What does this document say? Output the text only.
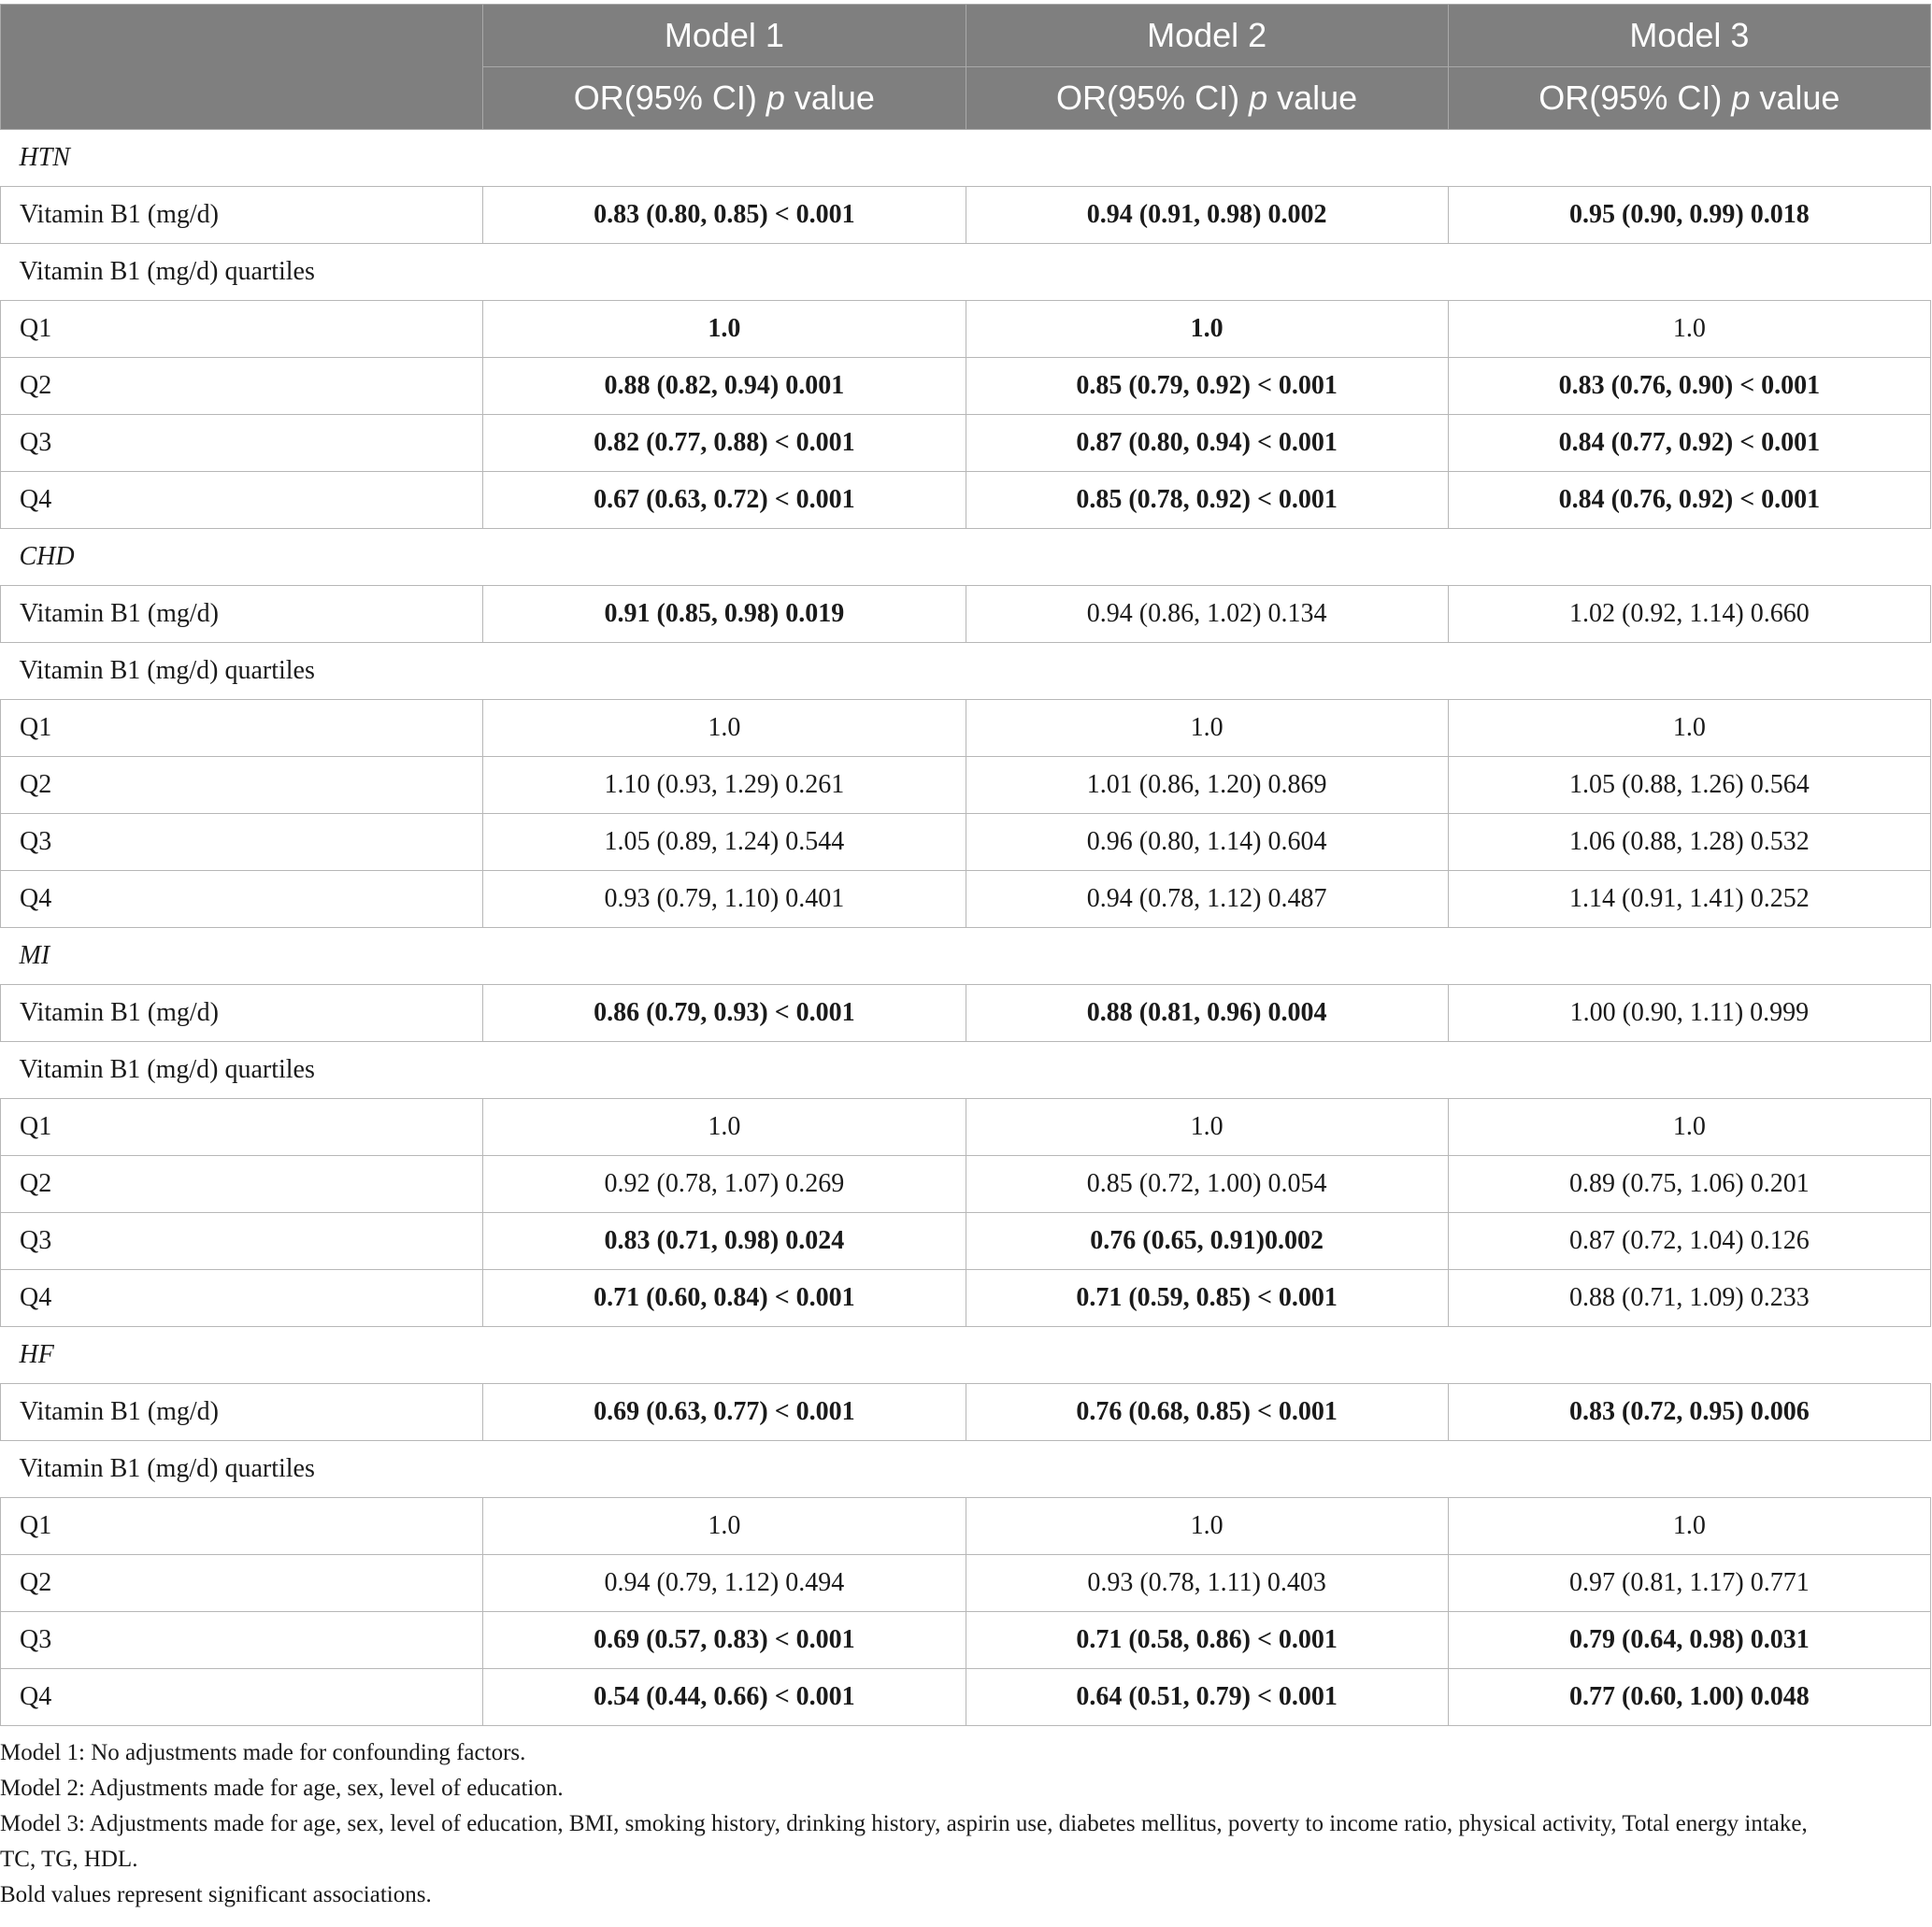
	Model 1	Model 2	Model 3
	OR(95% CI) p value	OR(95% CI) p value	OR(95% CI) p value
HTN			
Vitamin B1 (mg/d)	0.83 (0.80, 0.85) < 0.001	0.94 (0.91, 0.98) 0.002	0.95 (0.90, 0.99) 0.018
Vitamin B1 (mg/d) quartiles			
Q1	1.0	1.0	1.0
Q2	0.88 (0.82, 0.94) 0.001	0.85 (0.79, 0.92) < 0.001	0.83 (0.76, 0.90) < 0.001
Q3	0.82 (0.77, 0.88) < 0.001	0.87 (0.80, 0.94) < 0.001	0.84 (0.77, 0.92) < 0.001
Q4	0.67 (0.63, 0.72) < 0.001	0.85 (0.78, 0.92) < 0.001	0.84 (0.76, 0.92) < 0.001
CHD			
Vitamin B1 (mg/d)	0.91 (0.85, 0.98) 0.019	0.94 (0.86, 1.02) 0.134	1.02 (0.92, 1.14) 0.660
Vitamin B1 (mg/d) quartiles			
Q1	1.0	1.0	1.0
Q2	1.10 (0.93, 1.29) 0.261	1.01 (0.86, 1.20) 0.869	1.05 (0.88, 1.26) 0.564
Q3	1.05 (0.89, 1.24) 0.544	0.96 (0.80, 1.14) 0.604	1.06 (0.88, 1.28) 0.532
Q4	0.93 (0.79, 1.10) 0.401	0.94 (0.78, 1.12) 0.487	1.14 (0.91, 1.41) 0.252
MI			
Vitamin B1 (mg/d)	0.86 (0.79, 0.93) < 0.001	0.88 (0.81, 0.96) 0.004	1.00 (0.90, 1.11) 0.999
Vitamin B1 (mg/d) quartiles			
Q1	1.0	1.0	1.0
Q2	0.92 (0.78, 1.07) 0.269	0.85 (0.72, 1.00) 0.054	0.89 (0.75, 1.06) 0.201
Q3	0.83 (0.71, 0.98) 0.024	0.76 (0.65, 0.91)0.002	0.87 (0.72, 1.04) 0.126
Q4	0.71 (0.60, 0.84) < 0.001	0.71 (0.59, 0.85) < 0.001	0.88 (0.71, 1.09) 0.233
HF			
Vitamin B1 (mg/d)	0.69 (0.63, 0.77) < 0.001	0.76 (0.68, 0.85) < 0.001	0.83 (0.72, 0.95) 0.006
Vitamin B1 (mg/d) quartiles			
Q1	1.0	1.0	1.0
Q2	0.94 (0.79, 1.12) 0.494	0.93 (0.78, 1.11) 0.403	0.97 (0.81, 1.17) 0.771
Q3	0.69 (0.57, 0.83) < 0.001	0.71 (0.58, 0.86) < 0.001	0.79 (0.64, 0.98) 0.031
Q4	0.54 (0.44, 0.66) < 0.001	0.64 (0.51, 0.79) < 0.001	0.77 (0.60, 1.00) 0.048
Model 1: No adjustments made for confounding factors.
Model 2: Adjustments made for age, sex, level of education.
Model 3: Adjustments made for age, sex, level of education, BMI, smoking history, drinking history, aspirin use, diabetes mellitus, poverty to income ratio, physical activity, Total energy intake,
TC, TG, HDL.
Bold values represent significant associations.
